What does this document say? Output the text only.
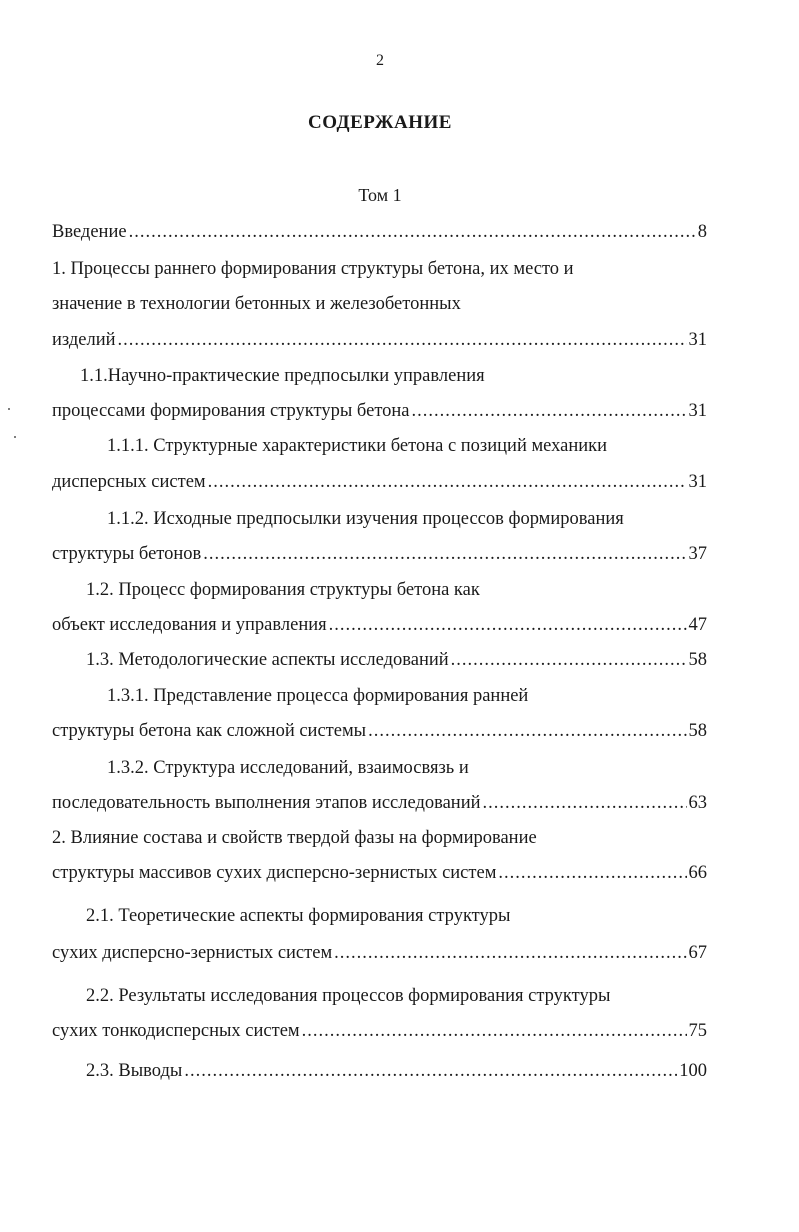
2
СОДЕРЖАНИЕ
Том 1
Введение .....	8
1. Процессы раннего формирования структуры бетона, их место и
значение в технологии бетонных и железобетонных
изделий .....	31
1.1.Научно-практические предпосылки управления
процессами формирования структуры бетона .....	31
1.1.1. Структурные характеристики бетона с позиций механики
дисперсных систем .....	31
1.1.2. Исходные предпосылки изучения процессов формирования
структуры бетонов .....	37
1.2. Процесс формирования структуры бетона как
объект исследования и управления .....	47
1.3. Методологические аспекты исследований .....	58
1.3.1. Представление процесса формирования ранней
структуры бетона как сложной системы .....	58
1.3.2. Структура исследований, взаимосвязь и
последовательность выполнения этапов исследований .....	63
2. Влияние состава и свойств твердой фазы на формирование
структуры массивов сухих дисперсно-зернистых систем .....	66
2.1. Теоретические аспекты формирования структуры
сухих дисперсно-зернистых систем .....	67
2.2. Результаты исследования процессов формирования структуры
сухих тонкодисперсных систем .....	75
2.3. Выводы .....	100
